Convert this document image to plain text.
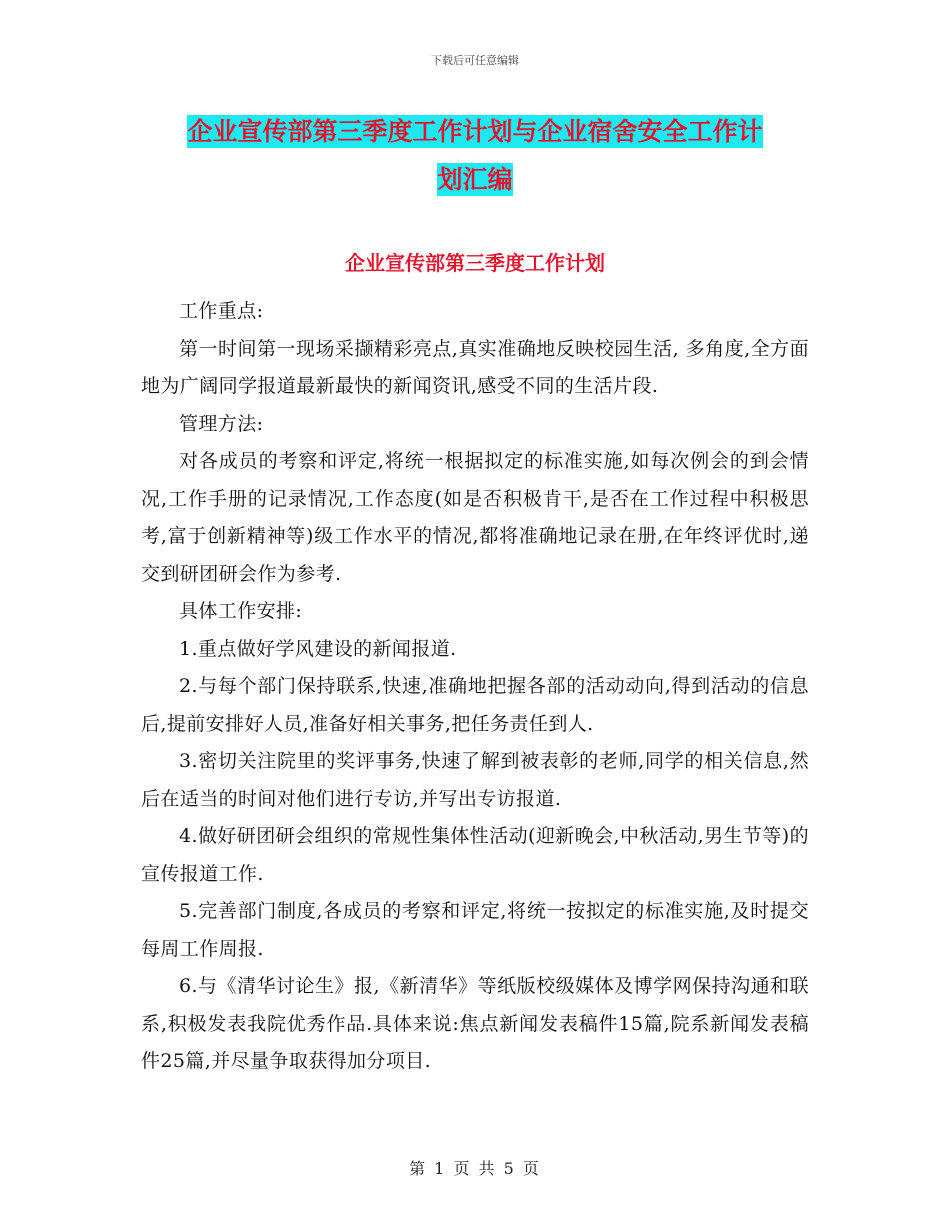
下载后可任意编辑
企业宣传部第三季度工作计划与企业宿舍安全工作计
划汇编
企业宣传部第三季度工作计划

工作重点:

第一时间第一现场采撷精彩亮点,真实准确地反映校园生活, 多角度,全方面地为广阔同学报道最新最快的新闻资讯,感受不同的生活片段.

管理方法:

对各成员的考察和评定,将统一根据拟定的标准实施,如每次例会的到会情况,工作手册的记录情况,工作态度(如是否积极肯干,是否在工作过程中积极思考,富于创新精神等)级工作水平的情况,都将准确地记录在册,在年终评优时,递交到研团研会作为参考.

具体工作安排:

1.重点做好学风建设的新闻报道.

2.与每个部门保持联系,快速,准确地把握各部的活动动向,得到活动的信息后,提前安排好人员,准备好相关事务,把任务责任到人.

3.密切关注院里的奖评事务,快速了解到被表彰的老师,同学的相关信息,然后在适当的时间对他们进行专访,并写出专访报道.

4.做好研团研会组织的常规性集体性活动(迎新晚会,中秋活动,男生节等)的宣传报道工作.

5.完善部门制度,各成员的考察和评定,将统一按拟定的标准实施,及时提交每周工作周报.

6.与《清华讨论生》报,《新清华》等纸版校级媒体及博学网保持沟通和联系,积极发表我院优秀作品.具体来说:焦点新闻发表稿件15篇,院系新闻发表稿件25篇,并尽量争取获得加分项目.

第 1 页 共 5 页
